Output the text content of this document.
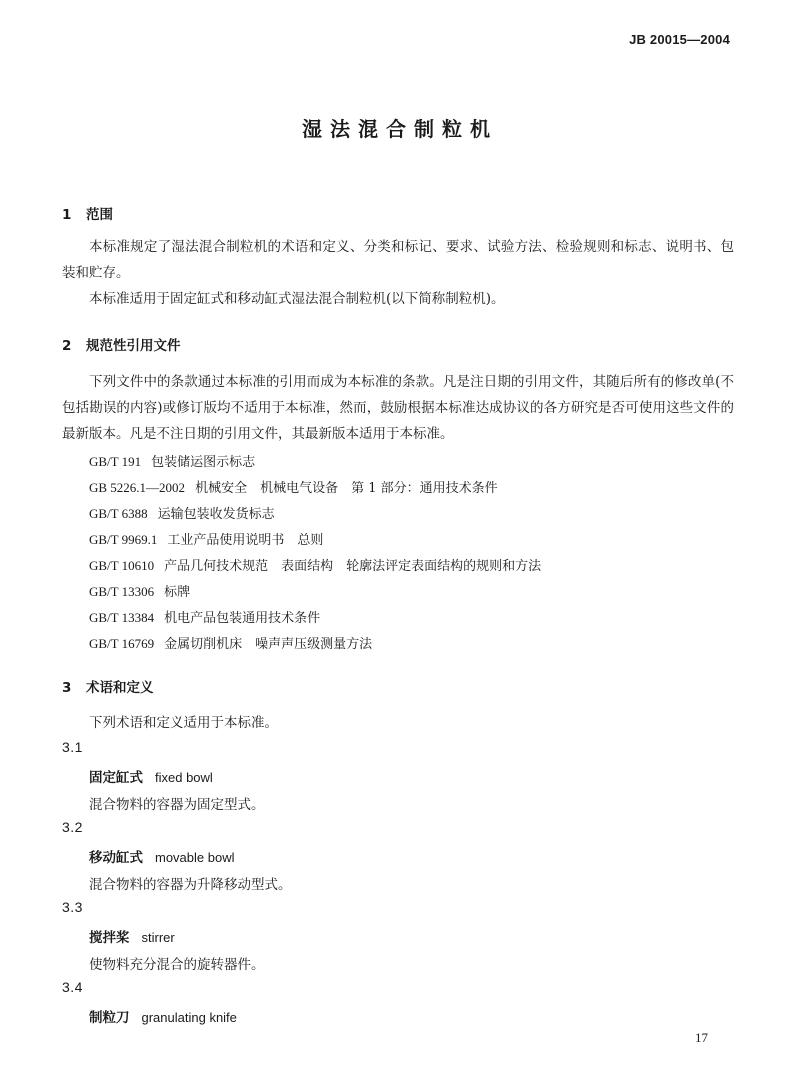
JB 20015—2004
湿法混合制粒机
1 范围
本标准规定了湿法混合制粒机的术语和定义、分类和标记、要求、试验方法、检验规则和标志、说明书、包装和贮存。
本标准适用于固定缸式和移动缸式湿法混合制粒机(以下简称制粒机)。
2 规范性引用文件
下列文件中的条款通过本标准的引用而成为本标准的条款。凡是注日期的引用文件，其随后所有的修改单(不包括勘误的内容)或修订版均不适用于本标准，然而，鼓励根据本标准达成协议的各方研究是否可使用这些文件的最新版本。凡是不注日期的引用文件，其最新版本适用于本标准。
GB/T 191 包装储运图示标志
GB 5226.1—2002 机械安全　机械电气设备　第 1 部分：通用技术条件
GB/T 6388 运输包装收发货标志
GB/T 9969.1 工业产品使用说明书　总则
GB/T 10610 产品几何技术规范　表面结构　轮廓法评定表面结构的规则和方法
GB/T 13306 标牌
GB/T 13384 机电产品包装通用技术条件
GB/T 16769 金属切削机床　噪声声压级测量方法
3 术语和定义
下列术语和定义适用于本标准。
3.1
固定缸式 fixed bowl
混合物料的容器为固定型式。
3.2
移动缸式 movable bowl
混合物料的容器为升降移动型式。
3.3
搅拌桨 stirrer
使物料充分混合的旋转器件。
3.4
制粒刀 granulating knife
17
